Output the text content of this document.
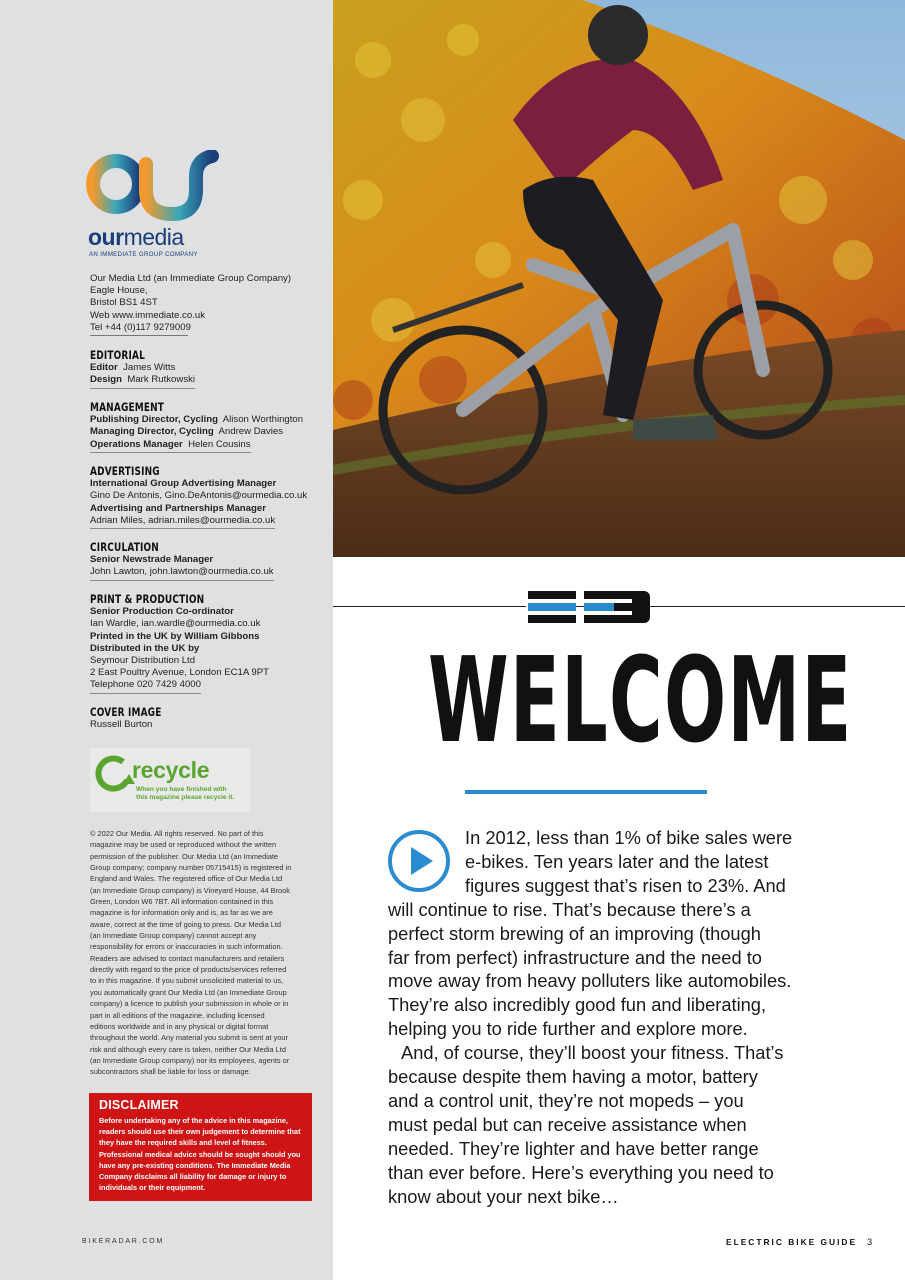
ourmedia
AN IMMEDIATE GROUP COMPANY
Our Media Ltd (an Immediate Group Company)
Eagle House,
Bristol BS1 4ST
Web www.immediate.co.uk
Tel +44 (0)117 9279009
EDITORIAL
Editor James Witts
Design Mark Rutkowski
MANAGEMENT
Publishing Director, Cycling Alison Worthington
Managing Director, Cycling Andrew Davies
Operations Manager Helen Cousins
ADVERTISING
International Group Advertising Manager
Gino De Antonis, Gino.DeAntonis@ourmedia.co.uk
Advertising and Partnerships Manager
Adrian Miles, adrian.miles@ourmedia.co.uk
CIRCULATION
Senior Newstrade Manager
John Lawton, john.lawton@ourmedia.co.uk
PRINT & PRODUCTION
Senior Production Co-ordinator
Ian Wardle, ian.wardle@ourmedia.co.uk
Printed in the UK by William Gibbons
Distributed in the UK by
Seymour Distribution Ltd
2 East Poultry Avenue, London EC1A 9PT
Telephone 020 7429 4000
COVER IMAGE
Russell Burton
recycle
When you have finished with
this magazine please recycle it.
© 2022 Our Media. All rights reserved. No part of this
magazine may be used or reproduced without the written
permission of the publisher. Our Media Ltd (an Immediate
Group company; company number 05715415) is registered in
England and Wales. The registered office of Our Media Ltd
(an Immediate Group company) is Vineyard House, 44 Brook
Green, London W6 7BT. All information contained in this
magazine is for information only and is, as far as we are
aware, correct at the time of going to press. Our Media Ltd
(an Immediate Group company) cannot accept any
responsibility for errors or inaccuracies in such information.
Readers are advised to contact manufacturers and retailers
directly with regard to the price of products/services referred
to in this magazine. If you submit unsolicited material to us,
you automatically grant Our Media Ltd (an Immediate Group
company) a licence to publish your submission in whole or in
part in all editions of the magazine, including licensed
editions worldwide and in any physical or digital format
throughout the world. Any material you submit is sent at your
risk and although every care is taken, neither Our Media Ltd
(an Immediate Group company) nor its employees, agents or
subcontractors shall be liable for loss or damage.
DISCLAIMER
Before undertaking any of the advice in this magazine,
readers should use their own judgement to determine that
they have the required skills and level of fitness.
Professional medical advice should be sought should you
have any pre-existing conditions. The Immediate Media
Company disclaims all liability for damage or injury to
individuals or their equipment.
BIKERADAR.COM
WELCOME
In 2012, less than 1% of bike sales were
e-bikes. Ten years later and the latest
figures suggest that’s risen to 23%. And
will continue to rise. That’s because there’s a
perfect storm brewing of an improving (though
far from perfect) infrastructure and the need to
move away from heavy polluters like automobiles.
They’re also incredibly good fun and liberating,
helping you to ride further and explore more.
And, of course, they’ll boost your fitness. That’s
because despite them having a motor, battery
and a control unit, they’re not mopeds – you
must pedal but can receive assistance when
needed. They’re lighter and have better range
than ever before. Here’s everything you need to
know about your next bike…
ELECTRIC BIKE GUIDE 3
